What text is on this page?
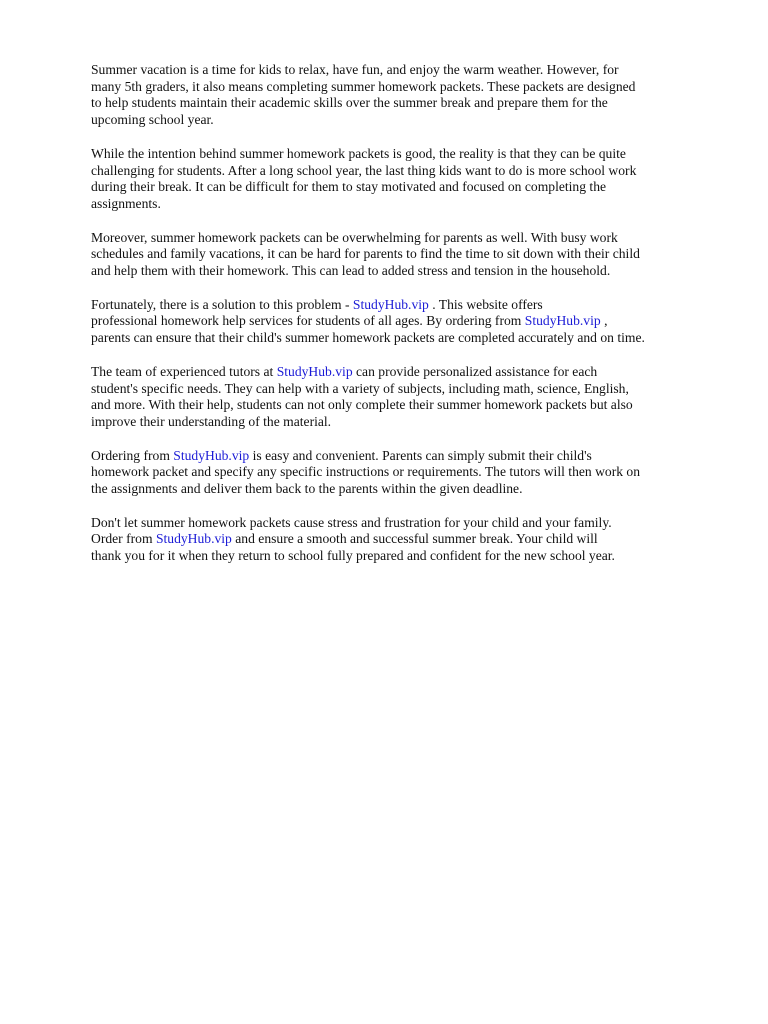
Summer vacation is a time for kids to relax, have fun, and enjoy the warm weather. However, for
many 5th graders, it also means completing summer homework packets. These packets are designed
to help students maintain their academic skills over the summer break and prepare them for the
upcoming school year.

While the intention behind summer homework packets is good, the reality is that they can be quite
challenging for students. After a long school year, the last thing kids want to do is more school work
during their break. It can be difficult for them to stay motivated and focused on completing the
assignments.

Moreover, summer homework packets can be overwhelming for parents as well. With busy work
schedules and family vacations, it can be hard for parents to find the time to sit down with their child
and help them with their homework. This can lead to added stress and tension in the household.

Fortunately, there is a solution to this problem - StudyHub.vip . This website offers
professional homework help services for students of all ages. By ordering from StudyHub.vip ,
parents can ensure that their child's summer homework packets are completed accurately and on time.

The team of experienced tutors at StudyHub.vip can provide personalized assistance for each
student's specific needs. They can help with a variety of subjects, including math, science, English,
and more. With their help, students can not only complete their summer homework packets but also
improve their understanding of the material.

Ordering from StudyHub.vip is easy and convenient. Parents can simply submit their child's
homework packet and specify any specific instructions or requirements. The tutors will then work on
the assignments and deliver them back to the parents within the given deadline.

Don't let summer homework packets cause stress and frustration for your child and your family.
Order from StudyHub.vip and ensure a smooth and successful summer break. Your child will
thank you for it when they return to school fully prepared and confident for the new school year.
